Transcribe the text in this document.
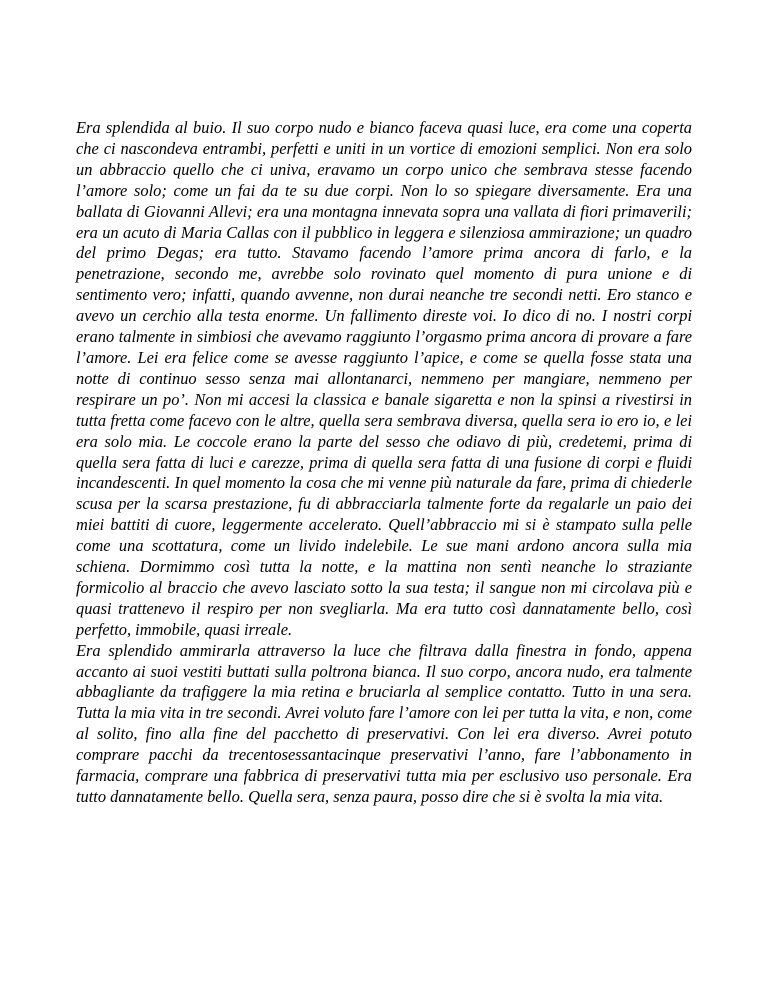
Era splendida al buio. Il suo corpo nudo e bianco faceva quasi luce, era come una coperta che ci nascondeva entrambi, perfetti e uniti in un vortice di emozioni semplici. Non era solo un abbraccio quello che ci univa, eravamo un corpo unico che sembrava stesse facendo l’amore solo; come un fai da te su due corpi. Non lo so spiegare diversamente. Era una ballata di Giovanni Allevi; era una montagna innevata sopra una vallata di fiori primaverili; era un acuto di Maria Callas con il pubblico in leggera e silenziosa ammirazione; un quadro del primo Degas; era tutto. Stavamo facendo l’amore prima ancora di farlo, e la penetrazione, secondo me, avrebbe solo rovinato quel momento di pura unione e di sentimento vero; infatti, quando avvenne, non durai neanche tre secondi netti. Ero stanco e avevo un cerchio alla testa enorme. Un fallimento direste voi. Io dico di no. I nostri corpi erano talmente in simbiosi che avevamo raggiunto l’orgasmo prima ancora di provare a fare l’amore. Lei era felice come se avesse raggiunto l’apice, e come se quella fosse stata una notte di continuo sesso senza mai allontanarci, nemmeno per mangiare, nemmeno per respirare un po’. Non mi accesi la classica e banale sigaretta e non la spinsi a rivestirsi in tutta fretta come facevo con le altre, quella sera sembrava diversa, quella sera io ero io, e lei era solo mia. Le coccole erano la parte del sesso che odiavo di più, credetemi, prima di quella sera fatta di luci e carezze, prima di quella sera fatta di una fusione di corpi e fluidi incandescenti. In quel momento la cosa che mi venne più naturale da fare, prima di chiederle scusa per la scarsa prestazione, fu di abbracciarla talmente forte da regalarle un paio dei miei battiti di cuore, leggermente accelerato. Quell’abbraccio mi si è stampato sulla pelle come una scottatura, come un livido indelebile. Le sue mani ardono ancora sulla mia schiena. Dormimmo così tutta la notte, e la mattina non sentì neanche lo straziante formicolio al braccio che avevo lasciato sotto la sua testa; il sangue non mi circolava più e quasi trattenevo il respiro per non svegliarla. Ma era tutto così dannatamente bello, così perfetto, immobile, quasi irreale.

Era splendido ammirarla attraverso la luce che filtrava dalla finestra in fondo, appena accanto ai suoi vestiti buttati sulla poltrona bianca. Il suo corpo, ancora nudo, era talmente abbagliante da trafiggere la mia retina e bruciarla al semplice contatto. Tutto in una sera. Tutta la mia vita in tre secondi. Avrei voluto fare l’amore con lei per tutta la vita, e non, come al solito, fino alla fine del pacchetto di preservativi. Con lei era diverso. Avrei potuto comprare pacchi da trecentosessantacinque preservativi l’anno, fare l’abbonamento in farmacia, comprare una fabbrica di preservativi tutta mia per esclusivo uso personale. Era tutto dannatamente bello. Quella sera, senza paura, posso dire che si è svolta la mia vita.
